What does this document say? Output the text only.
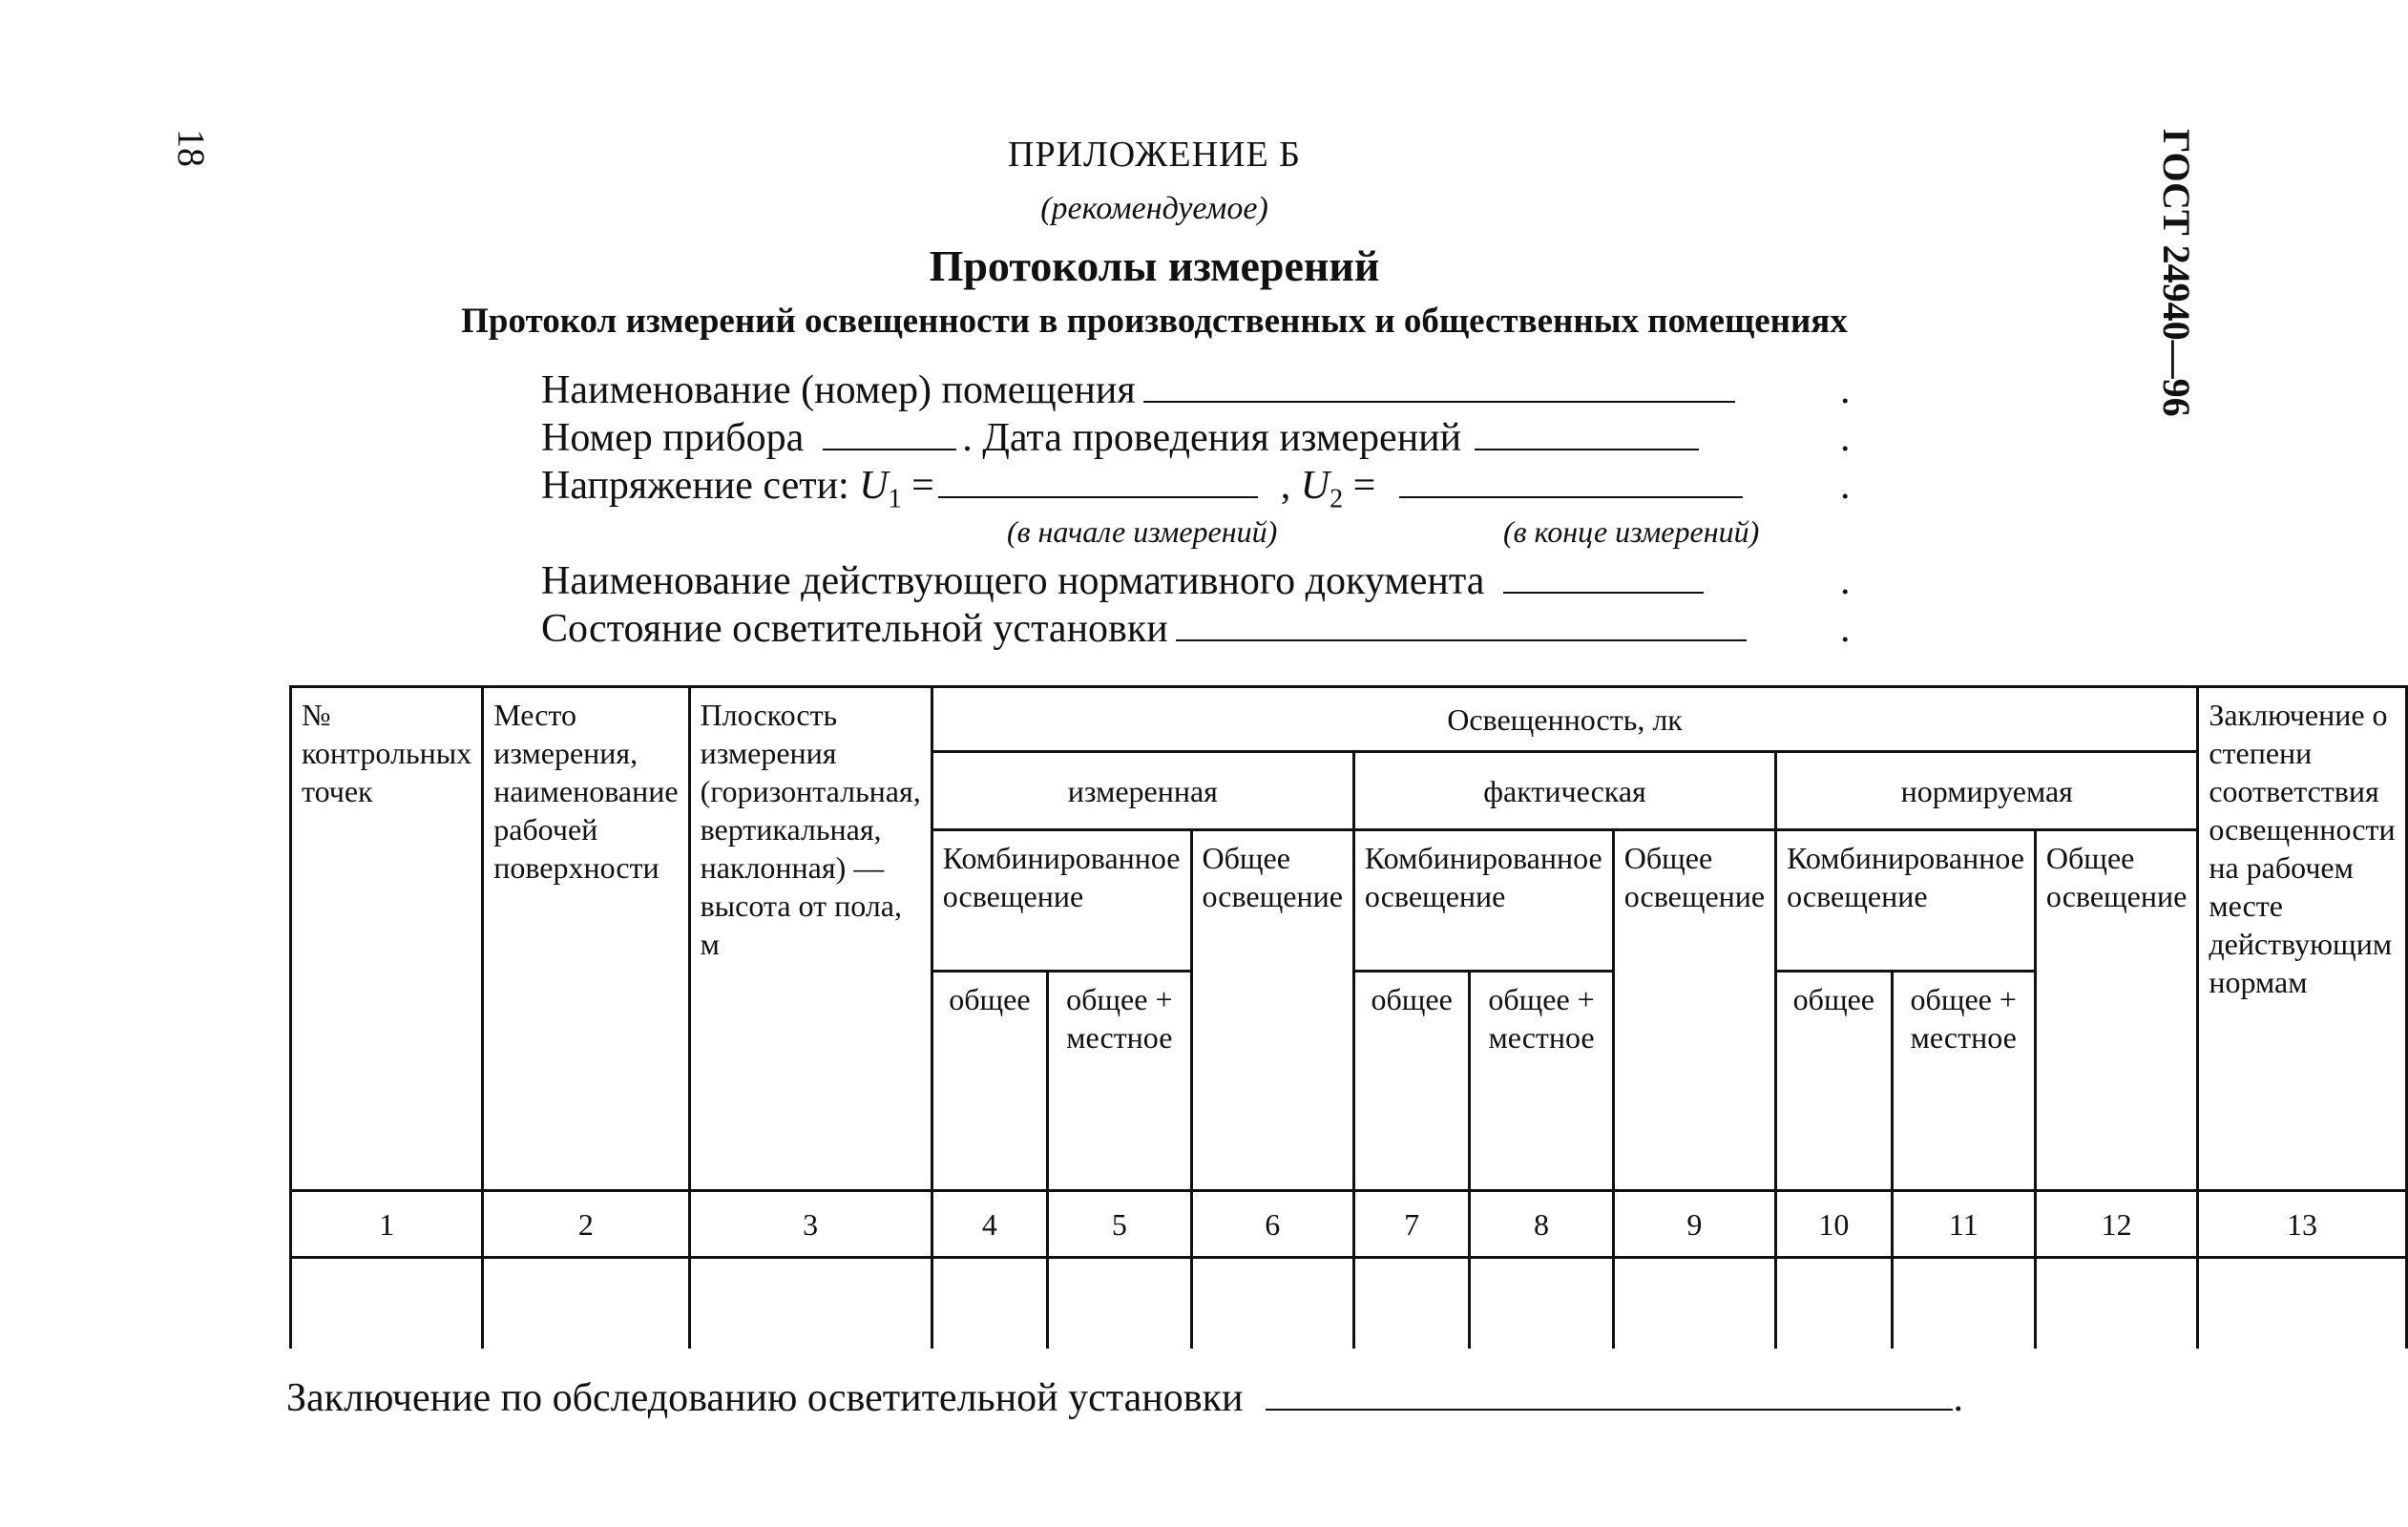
18	ГОСТ 24940—96
ПРИЛОЖЕНИЕ Б
(рекомендуемое)
Протоколы измерений
Протокол измерений освещенности в производственных и общественных помещениях
Наименование (номер) помещения	.
Номер прибора	. Дата проведения измерений	.
Напряжение сети: $U_1$ =	, $U_2$ =	.
(в начале измерений)	(в конце измерений)
Наименование действующего нормативного документа	.
Состояние осветительной установки	.
№ контрольных точек	Место измерения, наименование рабочей поверхности	Плоскость измерения (горизонтальная, вертикальная, наклонная) — высота от пола, м	Освещенность, лк									Заключение о степени соответствия освещенности на рабочем месте действующим нормам
			измеренная			фактическая			нормируемая			
			Комбинированное освещение		Общее освещение	Комбинированное освещение		Общее освещение	Комбинированное освещение		Общее освещение	
			общее	общее + местное		общее	общее + местное		общее	общее + местное		
1	2	3	4	5	6	7	8	9	10	11	12	13

Заключение по обследованию осветительной установки	.
